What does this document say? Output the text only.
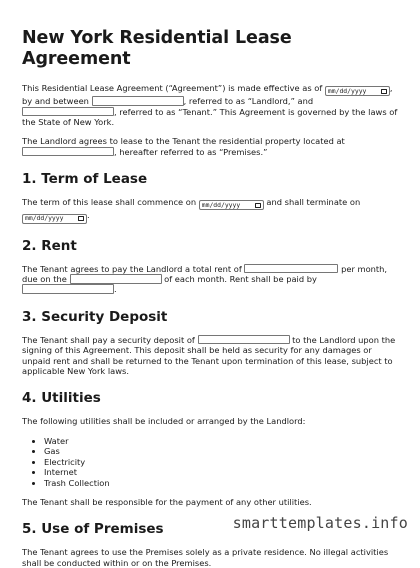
New York Residential Lease Agreement

This Residential Lease Agreement (“Agreement”) is made effective as of mm/dd/yyyy	, by and between	, referred to as “Landlord,” and , referred to as “Tenant.” This Agreement is governed by the laws of the State of New York.

The Landlord agrees to lease to the Tenant the residential property located at , hereafter referred to as “Premises.”

1. Term of Lease

The term of this lease shall commence on mm/dd/yyyy	and shall terminate on
mm/dd/yyyy	.

2. Rent

The Tenant agrees to pay the Landlord a total rent of	per month, due on the	of each month. Rent shall be paid by .

3. Security Deposit

The Tenant shall pay a security deposit of	to the Landlord upon the signing of this Agreement. This deposit shall be held as security for any damages or unpaid rent and shall be returned to the Tenant upon termination of this lease, subject to applicable New York laws.

4. Utilities

The following utilities shall be included or arranged by the Landlord:

• Water
• Gas
• Electricity
• Internet
• Trash Collection

The Tenant shall be responsible for the payment of any other utilities.

5. Use of Premises

The Tenant agrees to use the Premises solely as a private residence. No illegal activities shall be conducted within or on the Premises.

smarttemplates.info
